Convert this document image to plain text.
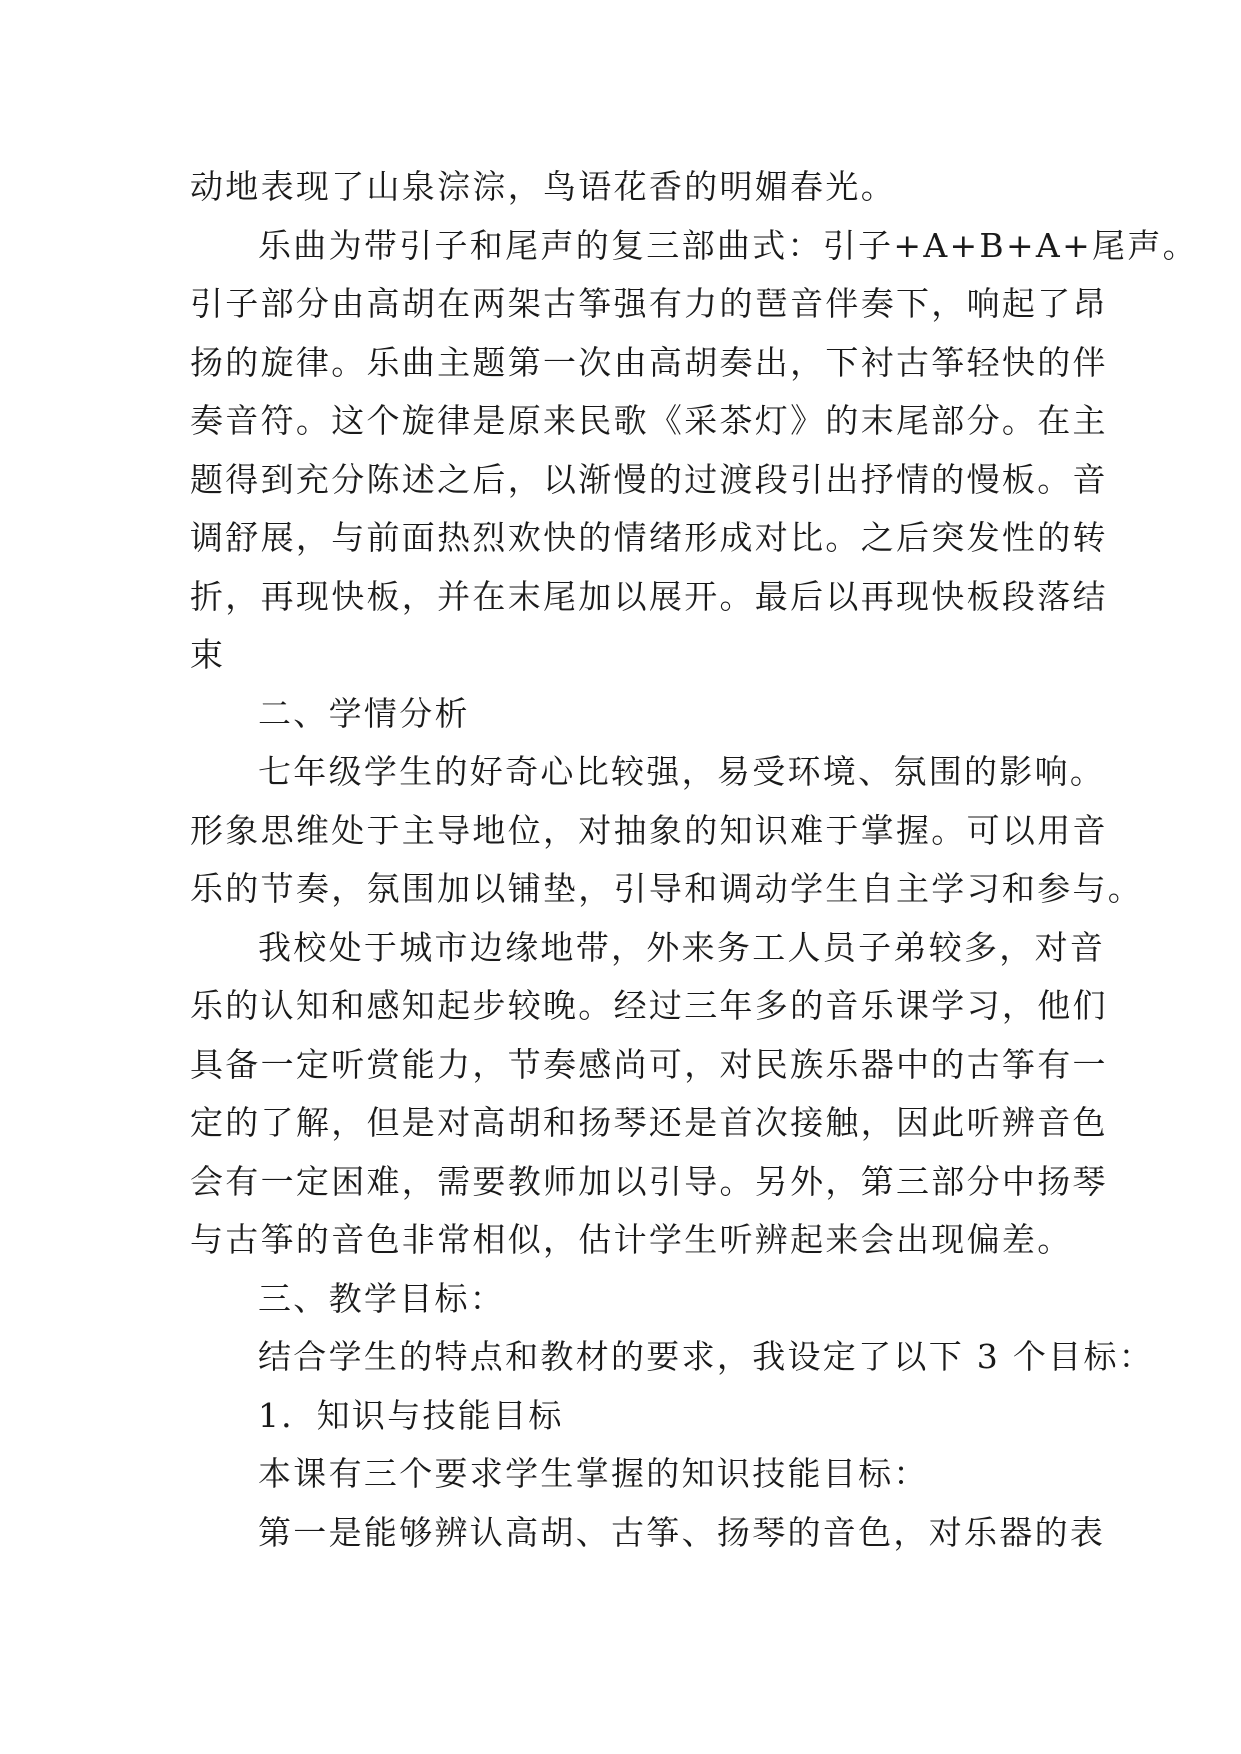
动地表现了山泉淙淙，鸟语花香的明媚春光。
乐曲为带引子和尾声的复三部曲式：引子+A+B+A+尾声。
引子部分由高胡在两架古筝强有力的琶音伴奏下，响起了昂
扬的旋律。乐曲主题第一次由高胡奏出，下衬古筝轻快的伴
奏音符。这个旋律是原来民歌《采茶灯》的末尾部分。在主
题得到充分陈述之后，以渐慢的过渡段引出抒情的慢板。音
调舒展，与前面热烈欢快的情绪形成对比。之后突发性的转
折，再现快板，并在末尾加以展开。最后以再现快板段落结
束
二、学情分析
七年级学生的好奇心比较强，易受环境、氛围的影响。
形象思维处于主导地位，对抽象的知识难于掌握。可以用音
乐的节奏，氛围加以铺垫，引导和调动学生自主学习和参与。
我校处于城市边缘地带，外来务工人员子弟较多，对音
乐的认知和感知起步较晚。经过三年多的音乐课学习，他们
具备一定听赏能力，节奏感尚可，对民族乐器中的古筝有一
定的了解，但是对高胡和扬琴还是首次接触，因此听辨音色
会有一定困难，需要教师加以引导。另外，第三部分中扬琴
与古筝的音色非常相似，估计学生听辨起来会出现偏差。
三、教学目标：
结合学生的特点和教材的要求，我设定了以下 3 个目标：
1．知识与技能目标
本课有三个要求学生掌握的知识技能目标：
第一是能够辨认高胡、古筝、扬琴的音色，对乐器的表
